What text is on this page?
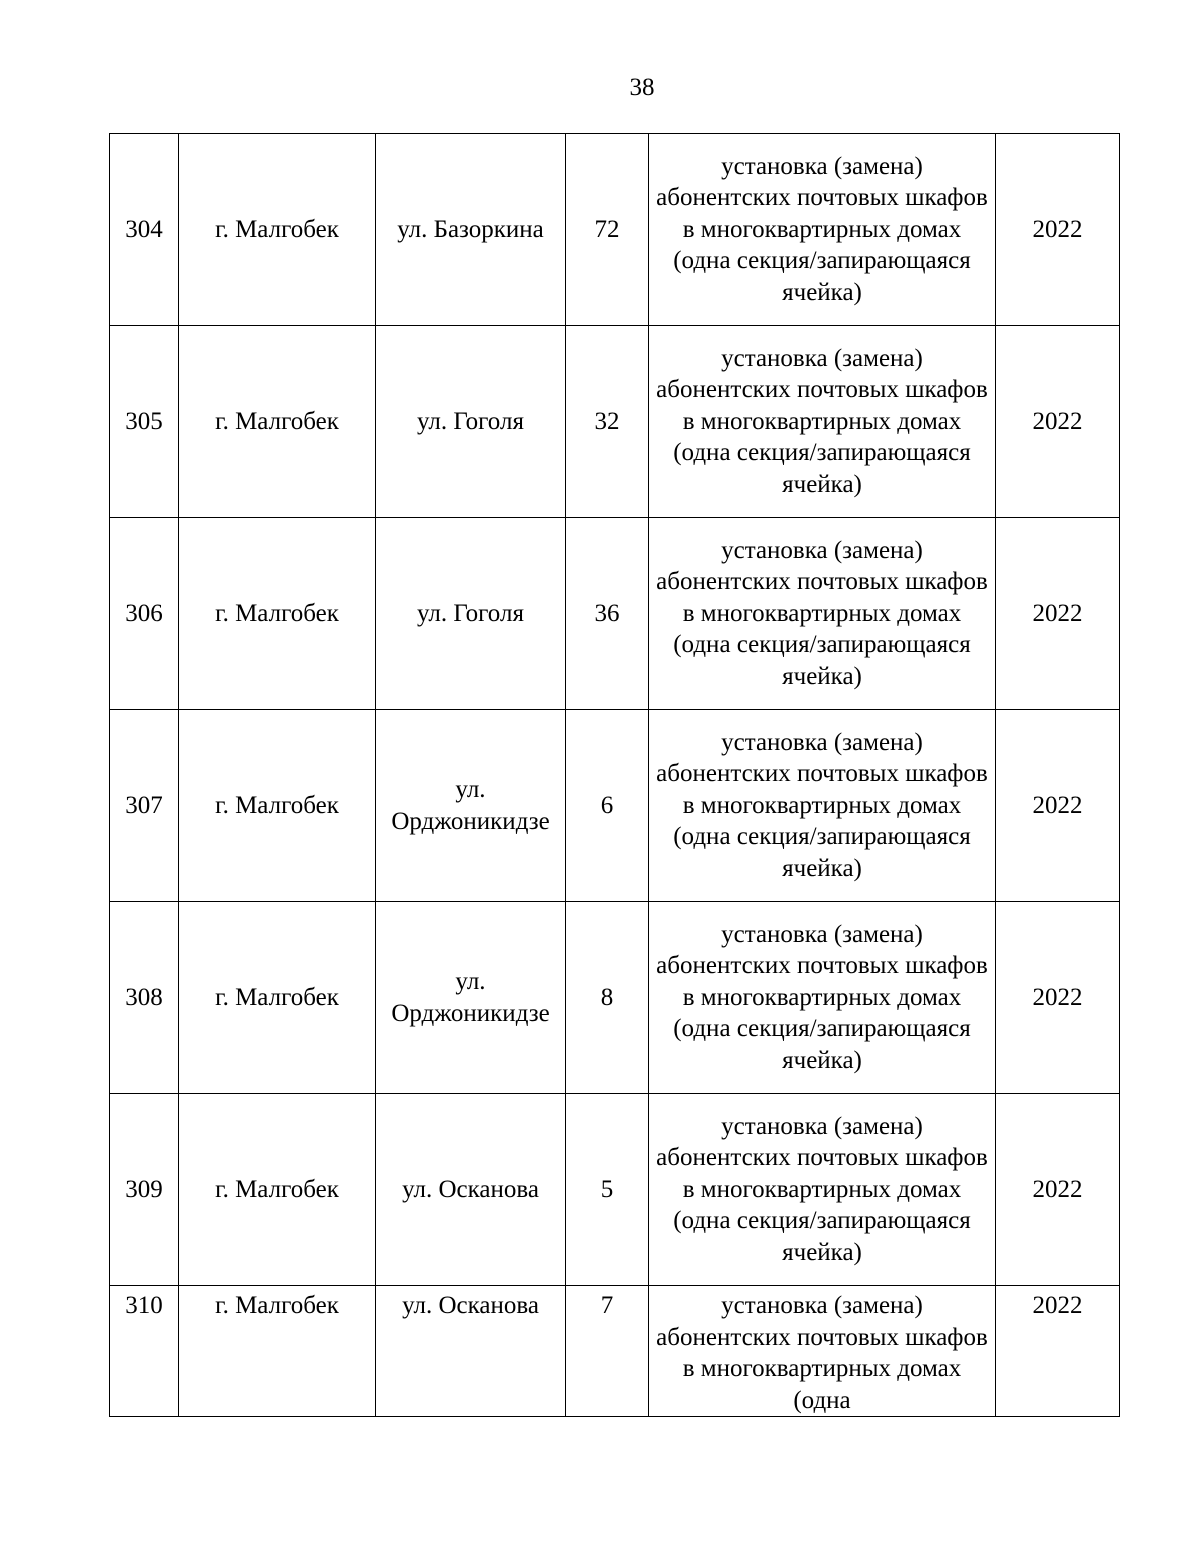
38
304	г. Малгобек	ул. Базоркина	72	установка (замена) абонентских почтовых шкафов в многоквартирных домах (одна секция/запирающаяся ячейка)	2022
305	г. Малгобек	ул. Гоголя	32	установка (замена) абонентских почтовых шкафов в многоквартирных домах (одна секция/запирающаяся ячейка)	2022
306	г. Малгобек	ул. Гоголя	36	установка (замена) абонентских почтовых шкафов в многоквартирных домах (одна секция/запирающаяся ячейка)	2022
307	г. Малгобек	ул. Орджоникидзе	6	установка (замена) абонентских почтовых шкафов в многоквартирных домах (одна секция/запирающаяся ячейка)	2022
308	г. Малгобек	ул. Орджоникидзе	8	установка (замена) абонентских почтовых шкафов в многоквартирных домах (одна секция/запирающаяся ячейка)	2022
309	г. Малгобек	ул. Осканова	5	установка (замена) абонентских почтовых шкафов в многоквартирных домах (одна секция/запирающаяся ячейка)	2022
310	г. Малгобек	ул. Осканова	7	установка (замена) абонентских почтовых шкафов в многоквартирных домах (одна	2022
